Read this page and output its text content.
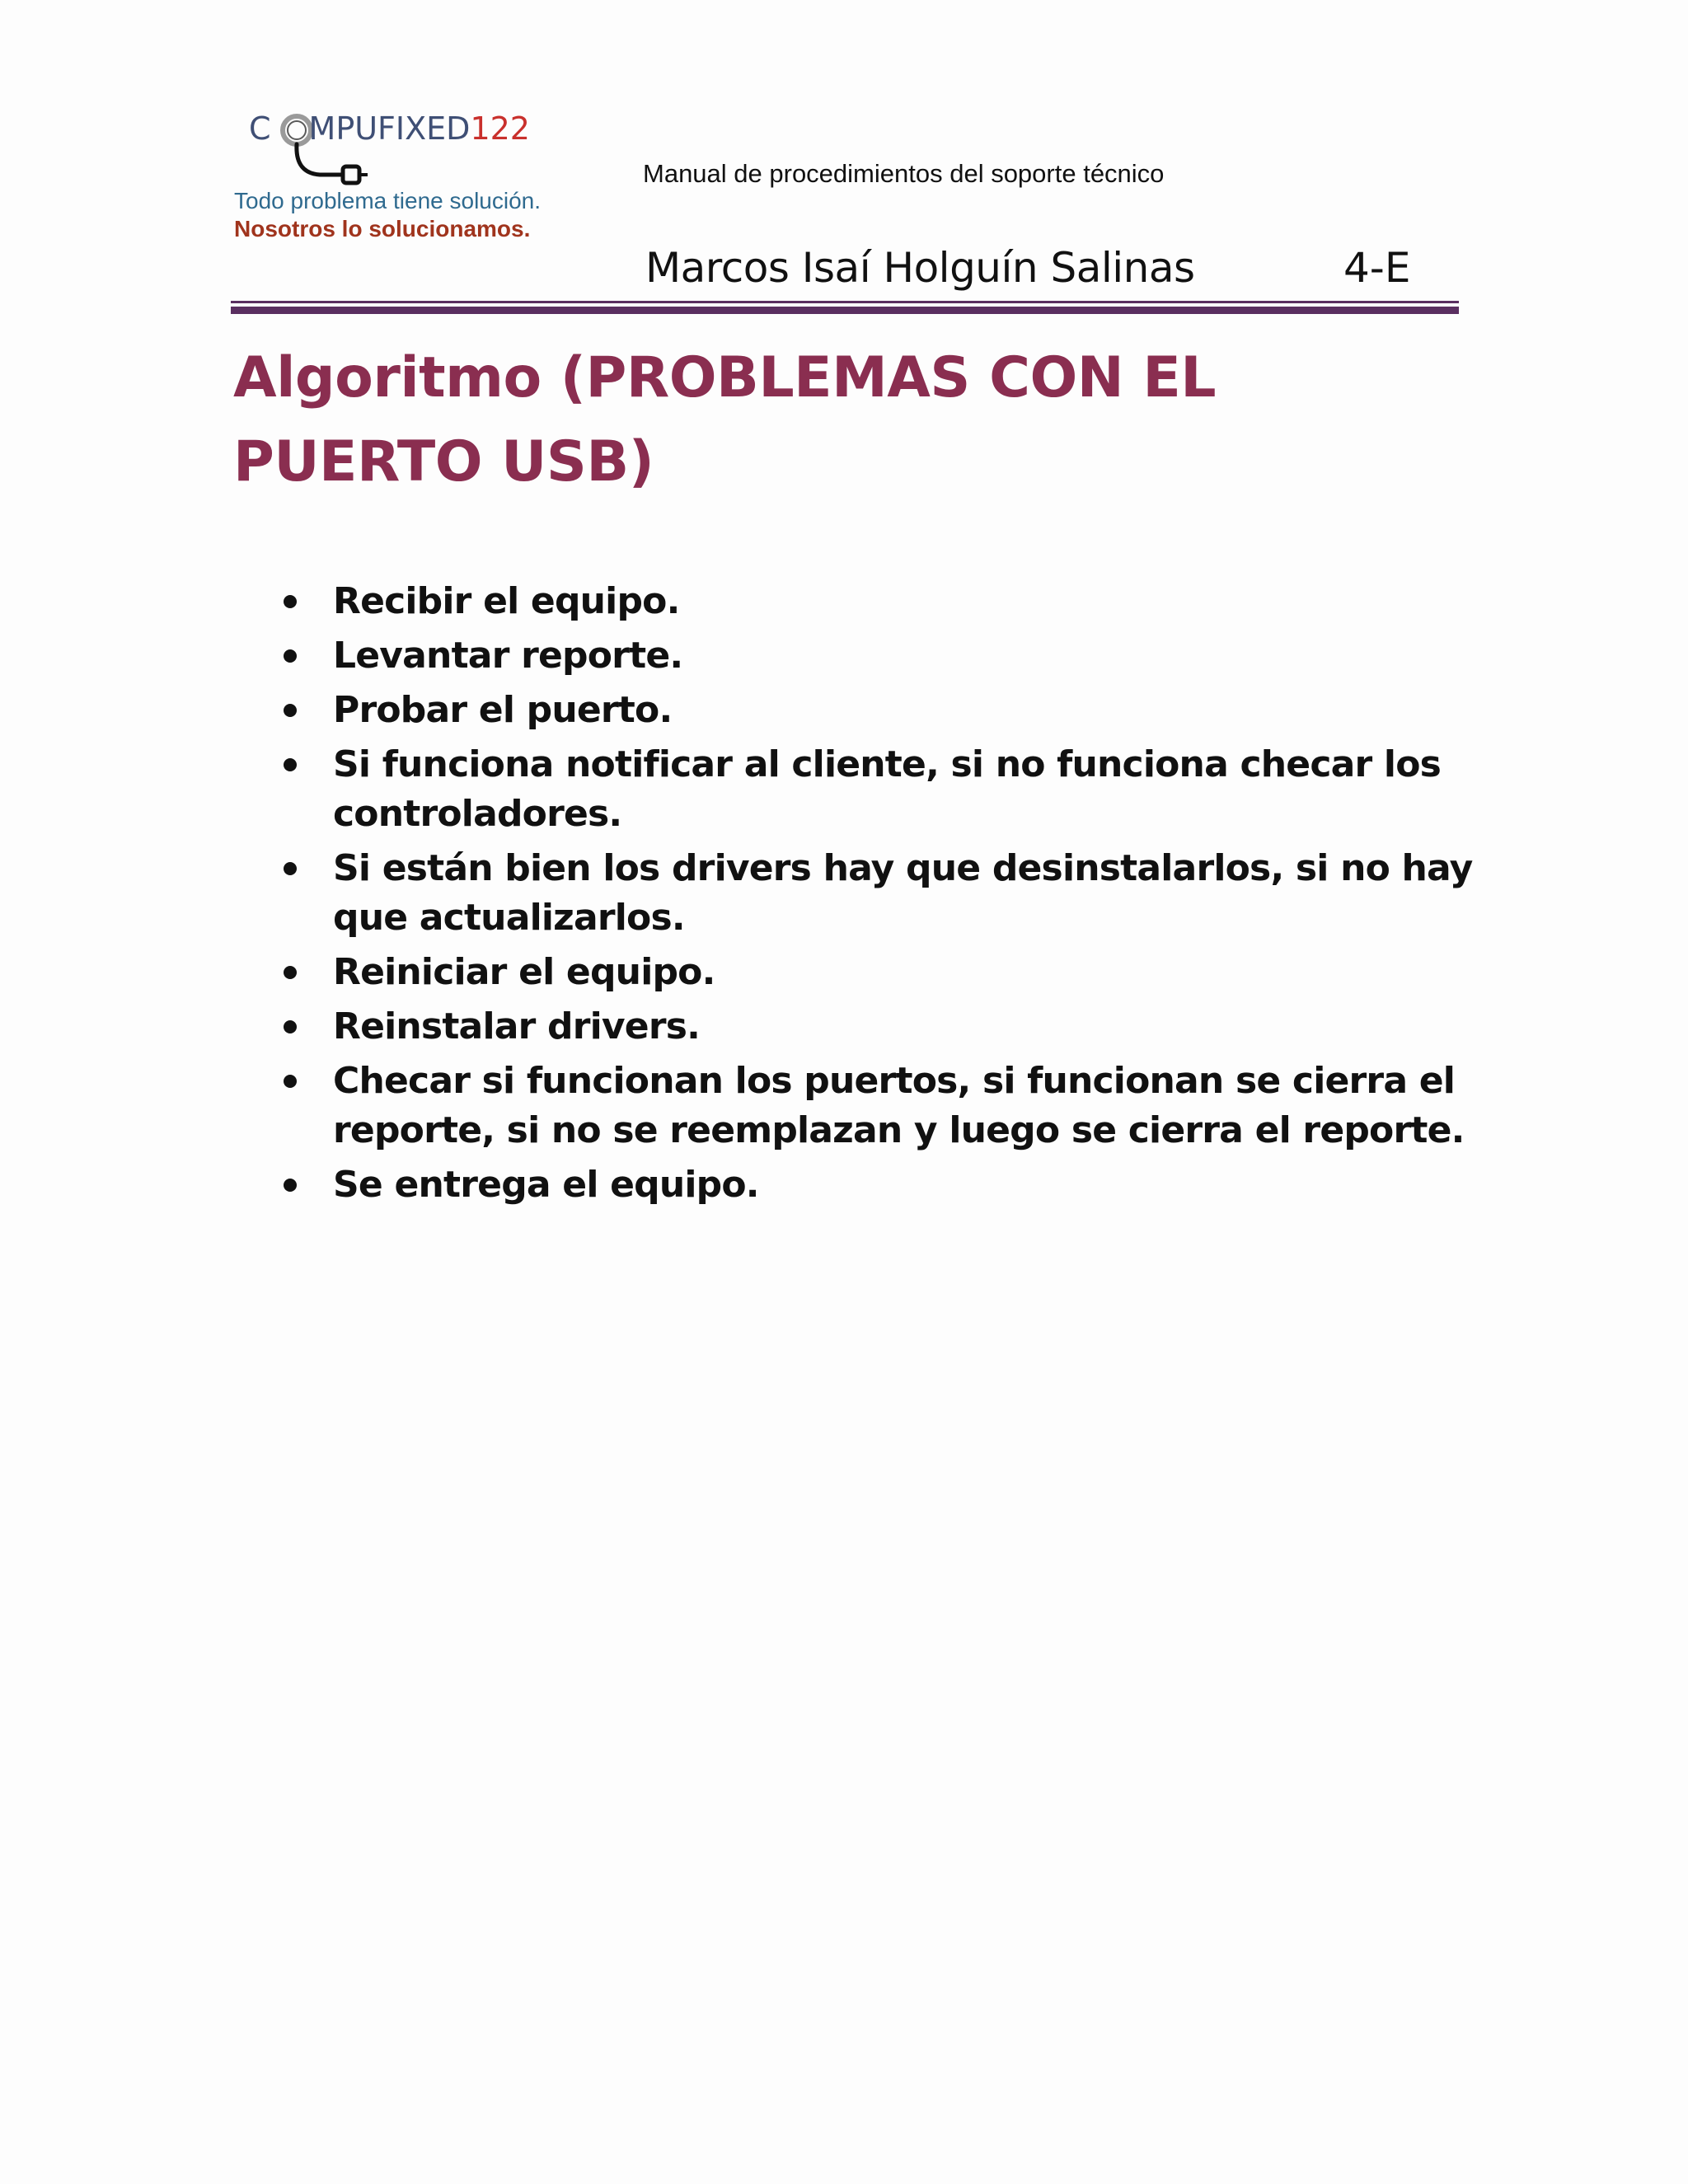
C MPUFIXED122
Todo problema tiene solución.
Nosotros lo solucionamos.
Manual de procedimientos del soporte técnico
Marcos Isaí Holguín Salinas	4-E
Algoritmo (PROBLEMAS CON EL PUERTO USB)
Recibir el equipo.
Levantar reporte.
Probar el puerto.
Si funciona notificar al cliente, si no funciona checar los controladores.
Si están bien los drivers hay que desinstalarlos, si no hay que actualizarlos.
Reiniciar el equipo.
Reinstalar drivers.
Checar si funcionan los puertos, si funcionan se cierra el reporte, si no se reemplazan y luego se cierra el reporte.
Se entrega el equipo.
